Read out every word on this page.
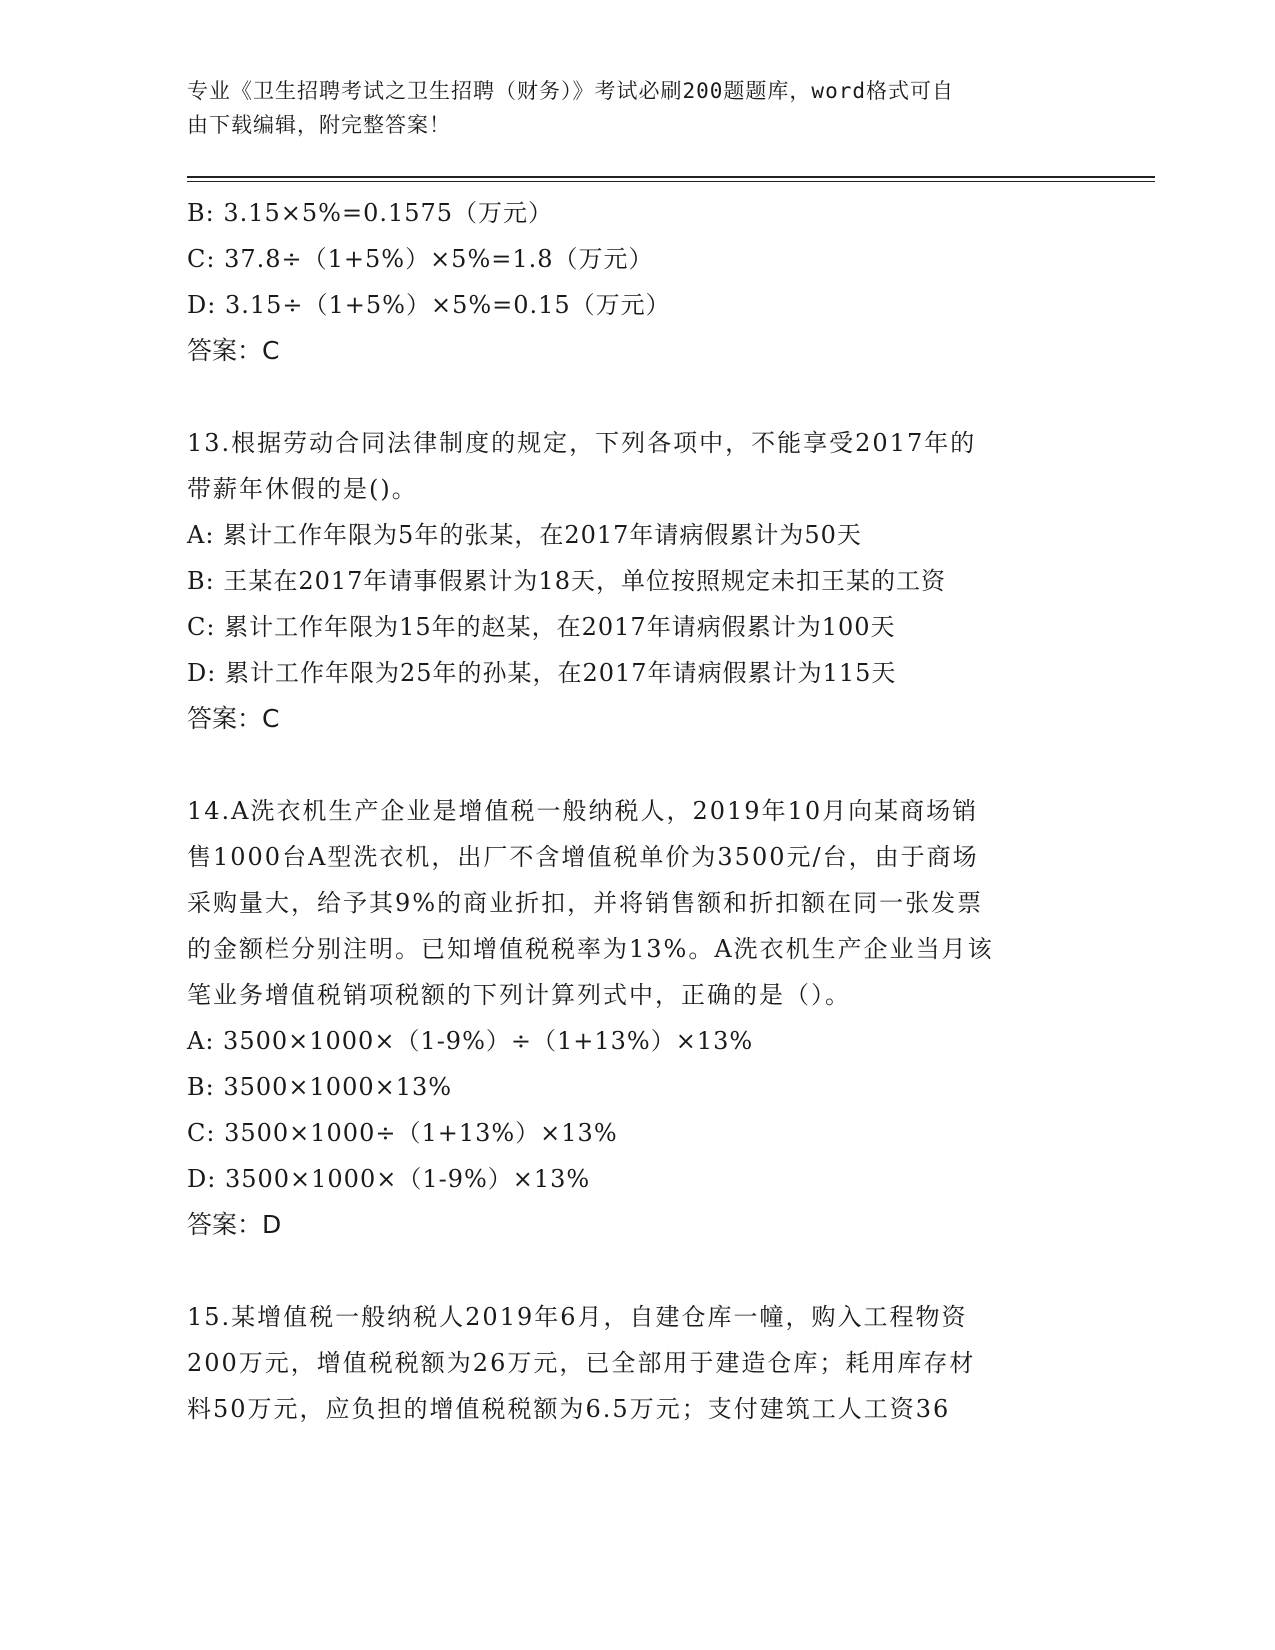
专业《卫生招聘考试之卫生招聘（财务）》考试必刷200题题库，word格式可自
由下载编辑，附完整答案！
B: 3.15×5%=0.1575（万元）
C: 37.8÷（1+5%）×5%=1.8（万元）
D: 3.15÷（1+5%）×5%=0.15（万元）
答案：C
13.根据劳动合同法律制度的规定，下列各项中，不能享受2017年的
带薪年休假的是()。
A: 累计工作年限为5年的张某，在2017年请病假累计为50天
B: 王某在2017年请事假累计为18天，单位按照规定未扣王某的工资
C: 累计工作年限为15年的赵某，在2017年请病假累计为100天
D: 累计工作年限为25年的孙某，在2017年请病假累计为115天
答案：C
14.A洗衣机生产企业是增值税一般纳税人，2019年10月向某商场销
售1000台A型洗衣机，出厂不含增值税单价为3500元/台，由于商场
采购量大，给予其9%的商业折扣，并将销售额和折扣额在同一张发票
的金额栏分别注明。已知增值税税率为13%。A洗衣机生产企业当月该
笔业务增值税销项税额的下列计算列式中，正确的是（）。
A: 3500×1000×（1-9%）÷（1+13%）×13%
B: 3500×1000×13%
C: 3500×1000÷（1+13%）×13%
D: 3500×1000×（1-9%）×13%
答案：D
15.某增值税一般纳税人2019年6月，自建仓库一幢，购入工程物资
200万元，增值税税额为26万元，已全部用于建造仓库；耗用库存材
料50万元，应负担的增值税税额为6.5万元；支付建筑工人工资36
